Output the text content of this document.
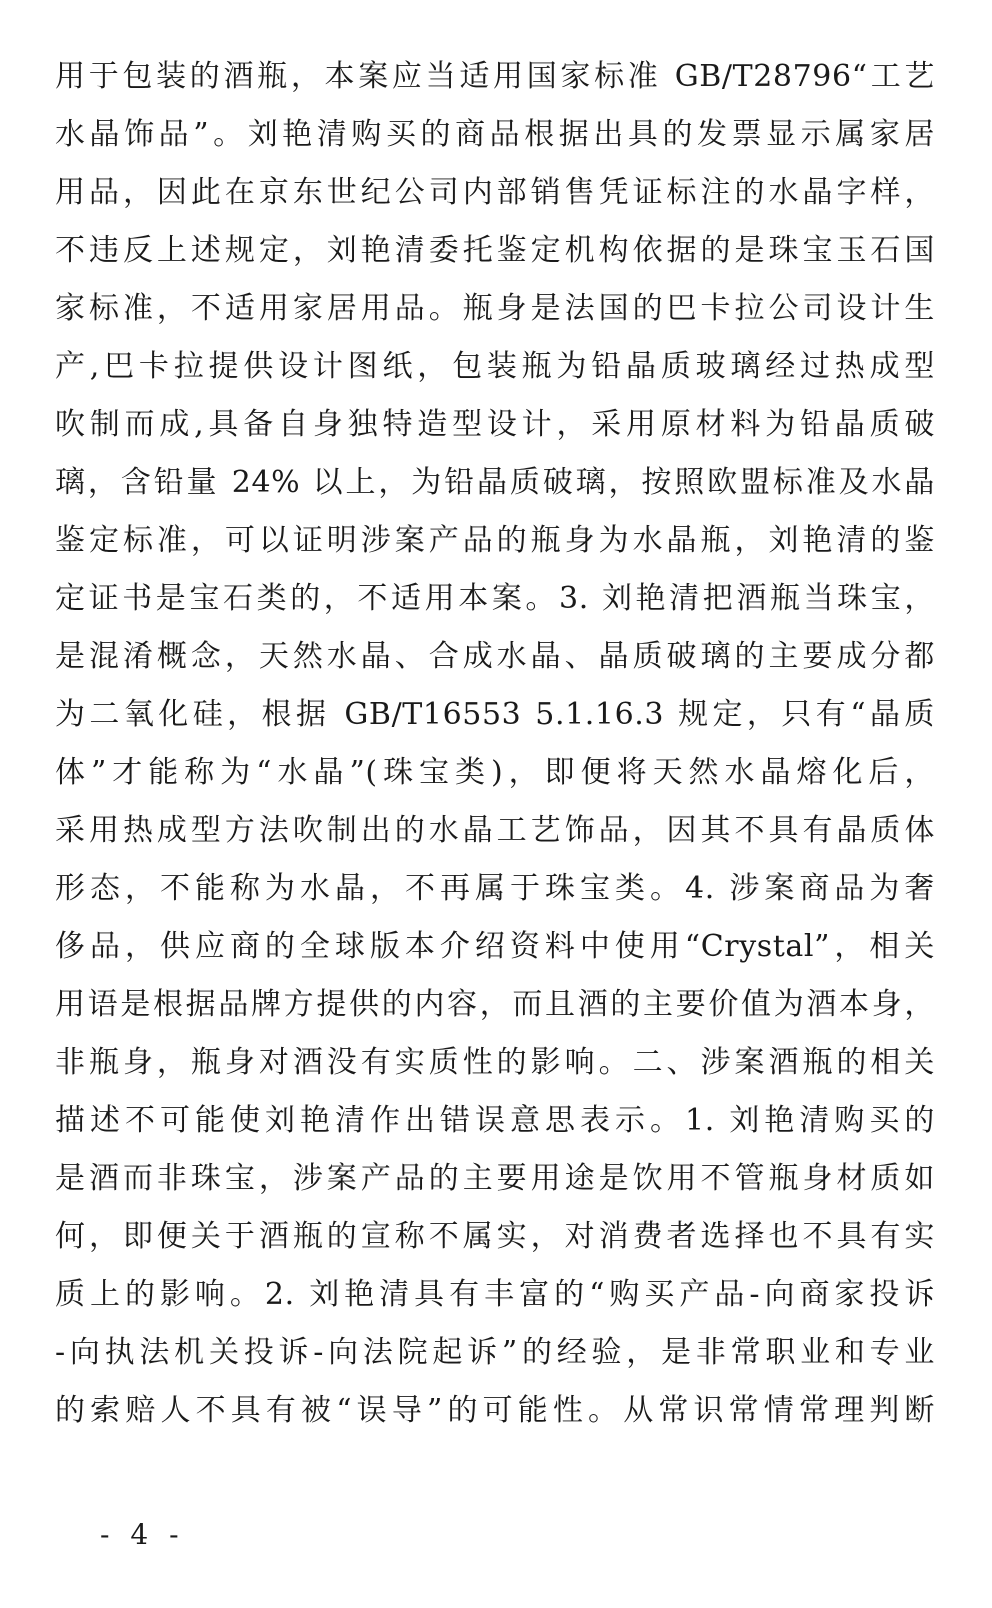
用于包装的酒瓶，本案应当适用国家标准 GB/T28796“工艺
水晶饰品”。刘艳清购买的商品根据出具的发票显示属家居
用品，因此在京东世纪公司内部销售凭证标注的水晶字样，
不违反上述规定，刘艳清委托鉴定机构依据的是珠宝玉石国
家标准，不适用家居用品。瓶身是法国的巴卡拉公司设计生
产,巴卡拉提供设计图纸，包装瓶为铅晶质玻璃经过热成型
吹制而成,具备自身独特造型设计，采用原材料为铅晶质破
璃，含铅量 24% 以上，为铅晶质破璃，按照欧盟标准及水晶
鉴定标准，可以证明涉案产品的瓶身为水晶瓶，刘艳清的鉴
定证书是宝石类的，不适用本案。3. 刘艳清把酒瓶当珠宝，
是混淆概念，天然水晶、合成水晶、晶质破璃的主要成分都
为二氧化硅，根据 GB/T16553 5.1.16.3 规定，只有“晶质
体”才能称为“水晶”(珠宝类)，即便将天然水晶熔化后，
采用热成型方法吹制出的水晶工艺饰品，因其不具有晶质体
形态，不能称为水晶，不再属于珠宝类。4. 涉案商品为奢
侈品，供应商的全球版本介绍资料中使用“Crystal”，相关
用语是根据品牌方提供的内容，而且酒的主要价值为酒本身，
非瓶身，瓶身对酒没有实质性的影响。二、涉案酒瓶的相关
描述不可能使刘艳清作出错误意思表示。1. 刘艳清购买的
是酒而非珠宝，涉案产品的主要用途是饮用不管瓶身材质如
何，即便关于酒瓶的宣称不属实，对消费者选择也不具有实
质上的影响。2. 刘艳清具有丰富的“购买产品-向商家投诉
-向执法机关投诉-向法院起诉”的经验，是非常职业和专业
的索赔人不具有被“误导”的可能性。从常识常情常理判断
- 4 -
